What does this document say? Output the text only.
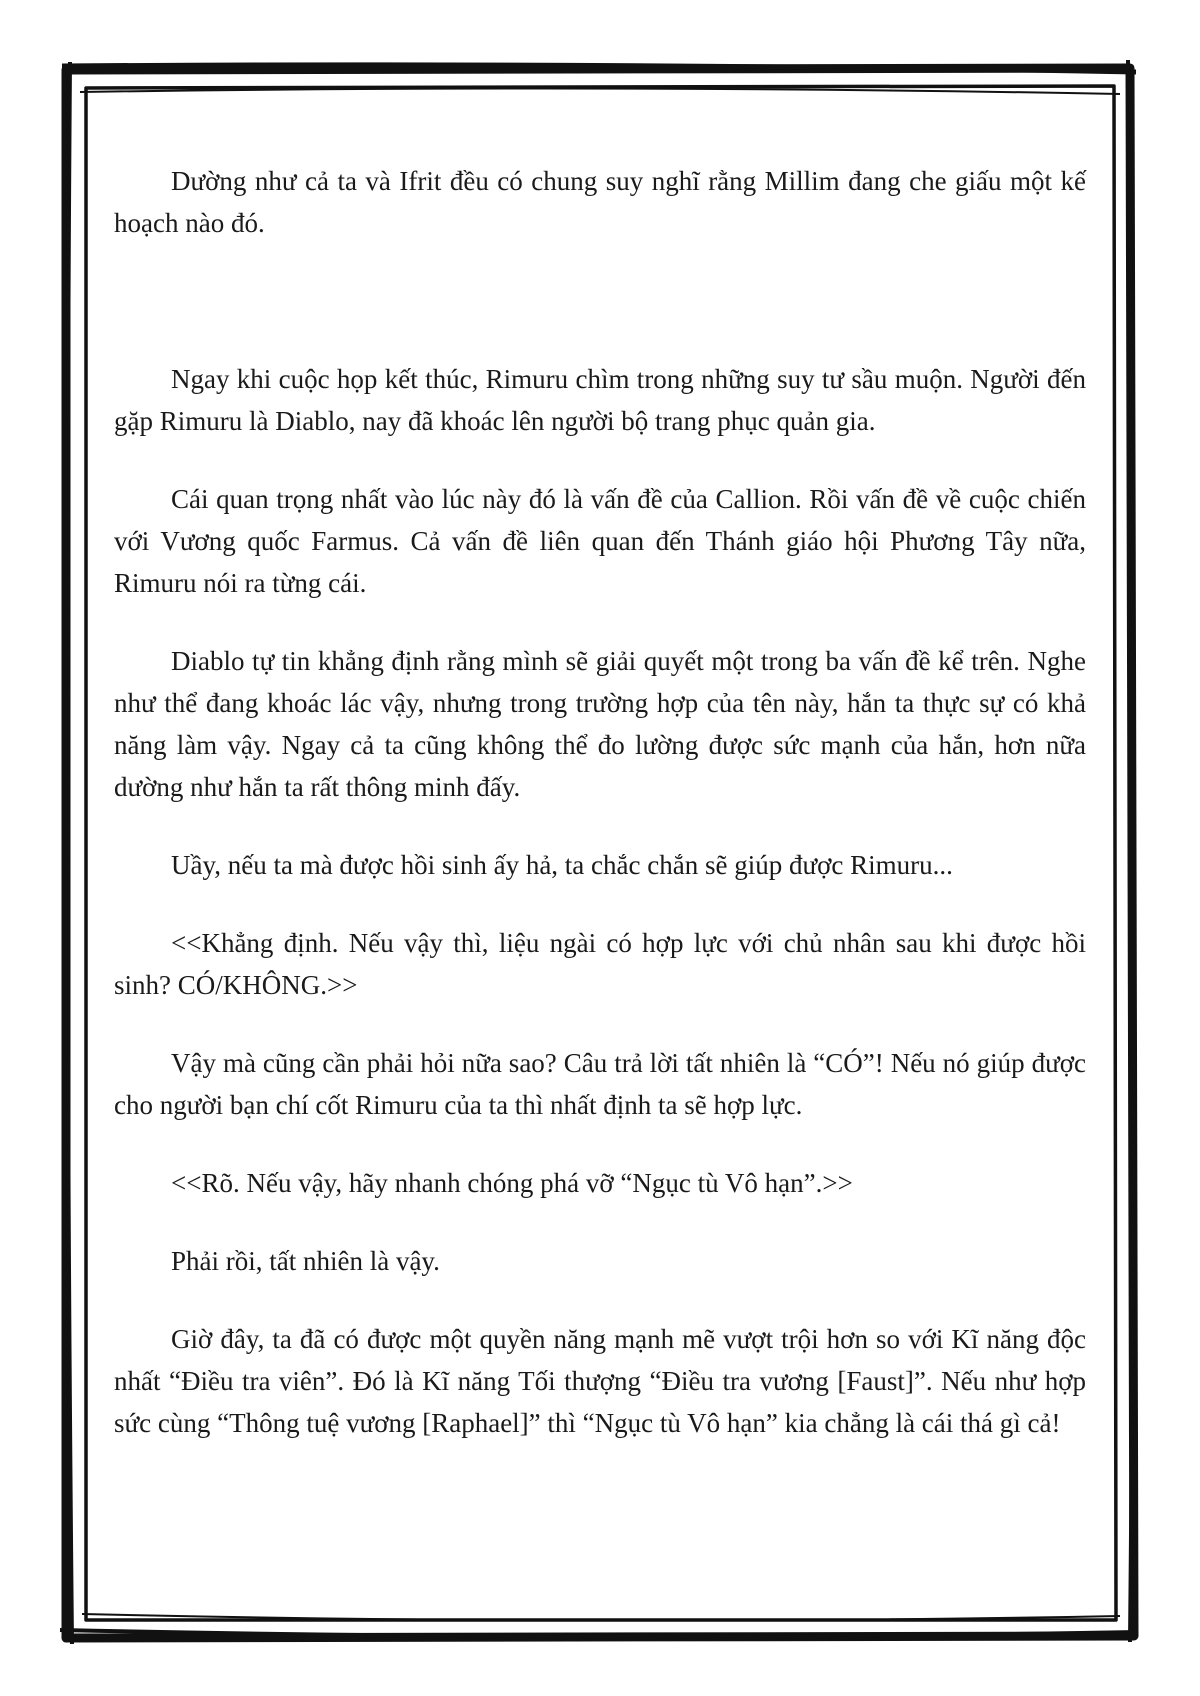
Dường như cả ta và Ifrit đều có chung suy nghĩ rằng Millim đang che giấu một kế hoạch nào đó.

Ngay khi cuộc họp kết thúc, Rimuru chìm trong những suy tư sầu muộn. Người đến gặp Rimuru là Diablo, nay đã khoác lên người bộ trang phục quản gia.

Cái quan trọng nhất vào lúc này đó là vấn đề của Callion. Rồi vấn đề về cuộc chiến với Vương quốc Farmus. Cả vấn đề liên quan đến Thánh giáo hội Phương Tây nữa, Rimuru nói ra từng cái.

Diablo tự tin khẳng định rằng mình sẽ giải quyết một trong ba vấn đề kể trên. Nghe như thể đang khoác lác vậy, nhưng trong trường hợp của tên này, hắn ta thực sự có khả năng làm vậy. Ngay cả ta cũng không thể đo lường được sức mạnh của hắn, hơn nữa dường như hắn ta rất thông minh đấy.

Uầy, nếu ta mà được hồi sinh ấy hả, ta chắc chắn sẽ giúp được Rimuru...

<<Khẳng định. Nếu vậy thì, liệu ngài có hợp lực với chủ nhân sau khi được hồi sinh? CÓ/KHÔNG.>>

Vậy mà cũng cần phải hỏi nữa sao? Câu trả lời tất nhiên là “CÓ”! Nếu nó giúp được cho người bạn chí cốt Rimuru của ta thì nhất định ta sẽ hợp lực.

<<Rõ. Nếu vậy, hãy nhanh chóng phá vỡ “Ngục tù Vô hạn”.>>

Phải rồi, tất nhiên là vậy.

Giờ đây, ta đã có được một quyền năng mạnh mẽ vượt trội hơn so với Kĩ năng độc nhất “Điều tra viên”. Đó là Kĩ năng Tối thượng “Điều tra vương [Faust]”. Nếu như hợp sức cùng “Thông tuệ vương [Raphael]” thì “Ngục tù Vô hạn” kia chẳng là cái thá gì cả!
